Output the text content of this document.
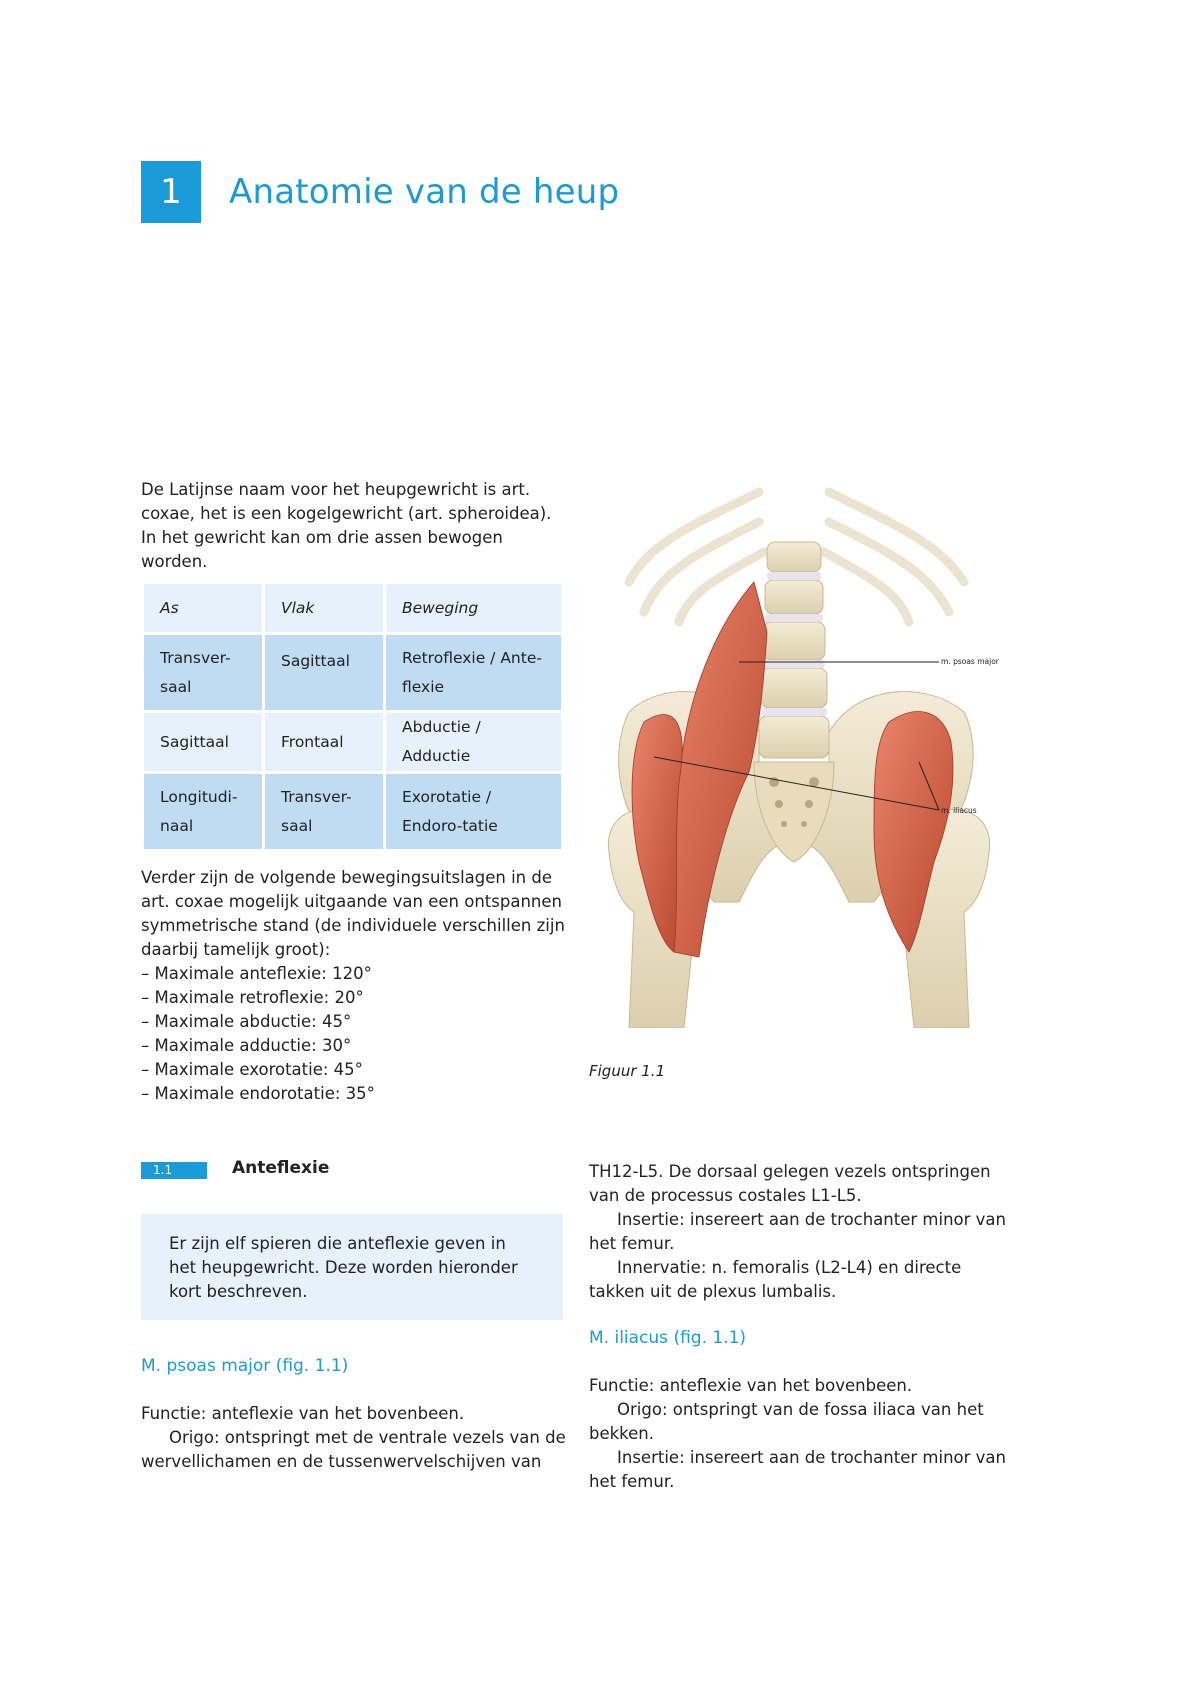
1	Anatomie van de heup
De Latijnse naam voor het heupgewricht is art. coxae, het is een kogelgewricht (art. spheroidea). In het gewricht kan om drie assen bewogen worden.
As	Vlak	Beweging
Transver-saal	Sagittaal	Retroflexie / Ante-flexie
Sagittaal	Frontaal	Abductie / Adductie
Longitudi-naal	Transver-saal	Exorotatie / Endoro-tatie
Verder zijn de volgende bewegingsuitslagen in de art. coxae mogelijk uitgaande van een ontspannen symmetrische stand (de individuele verschillen zijn daarbij tamelijk groot):
– Maximale anteflexie: 120°
– Maximale retroflexie: 20°
– Maximale abductie: 45°
– Maximale adductie: 30°
– Maximale exorotatie: 45°
– Maximale endorotatie: 35°
m. psoas major
m. iliacus
Figuur 1.1
1.1	Anteflexie
Er zijn elf spieren die anteflexie geven in het heupgewricht. Deze worden hieronder kort beschreven.
M. psoas major (fig. 1.1)
Functie: anteflexie van het bovenbeen.
Origo: ontspringt met de ventrale vezels van de wervellichamen en de tussenwervelschijven van
TH12-L5. De dorsaal gelegen vezels ontspringen van de processus costales L1-L5.
Insertie: insereert aan de trochanter minor van het femur.
Innervatie: n. femoralis (L2-L4) en directe takken uit de plexus lumbalis.
M. iliacus (fig. 1.1)
Functie: anteflexie van het bovenbeen.
Origo: ontspringt van de fossa iliaca van het bekken.
Insertie: insereert aan de trochanter minor van het femur.
